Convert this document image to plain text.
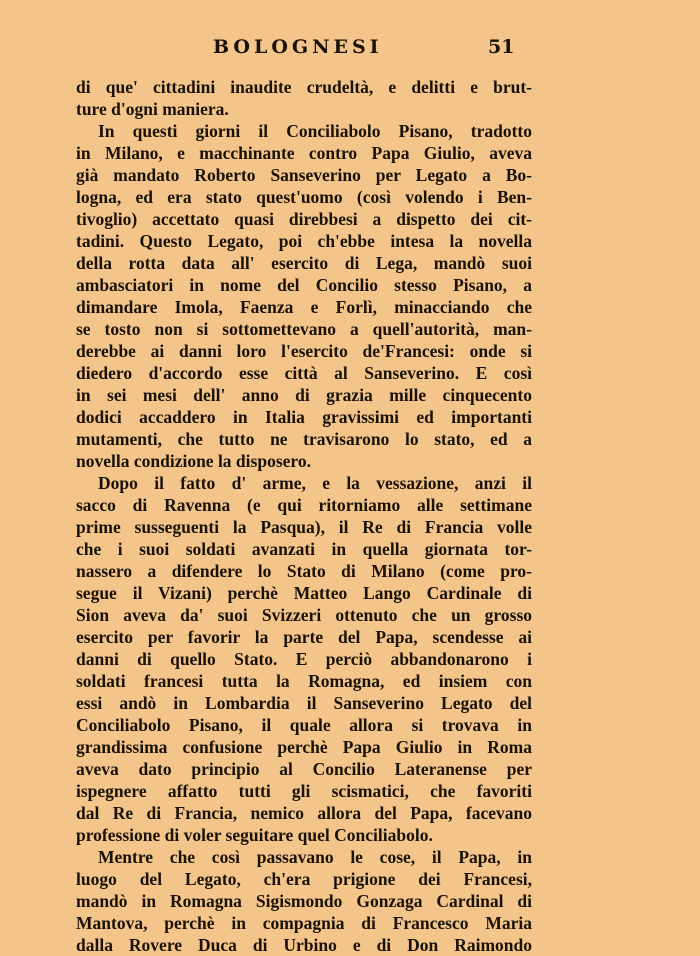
BOLOGNESI	51
di que' cittadini inaudite crudeltà, e delitti e brut-
ture d'ogni maniera.
In questi giorni il Conciliabolo Pisano, tradotto
in Milano, e macchinante contro Papa Giulio, aveva
già mandato Roberto Sanseverino per Legato a Bo-
logna, ed era stato quest'uomo (così volendo i Ben-
tivoglio) accettato quasi direbbesi a dispetto dei cit-
tadini. Questo Legato, poi ch'ebbe intesa la novella
della rotta data all' esercito di Lega, mandò suoi
ambasciatori in nome del Concilio stesso Pisano, a
dimandare Imola, Faenza e Forlì, minacciando che
se tosto non si sottomettevano a quell'autorità, man-
derebbe ai danni loro l'esercito de'Francesi: onde si
diedero d'accordo esse città al Sanseverino. E così
in sei mesi dell' anno di grazia mille cinquecento
dodici accaddero in Italia gravissimi ed importanti
mutamenti, che tutto ne travisarono lo stato, ed a
novella condizione la disposero.
Dopo il fatto d' arme, e la vessazione, anzi il
sacco di Ravenna (e qui ritorniamo alle settimane
prime susseguenti la Pasqua), il Re di Francia volle
che i suoi soldati avanzati in quella giornata tor-
nassero a difendere lo Stato di Milano (come pro-
segue il Vizani) perchè Matteo Lango Cardinale di
Sion aveva da' suoi Svizzeri ottenuto che un grosso
esercito per favorir la parte del Papa, scendesse ai
danni di quello Stato. E perciò abbandonarono i
soldati francesi tutta la Romagna, ed insiem con
essi andò in Lombardia il Sanseverino Legato del
Conciliabolo Pisano, il quale allora si trovava in
grandissima confusione perchè Papa Giulio in Roma
aveva dato principio al Concilio Lateranense per
ispegnere affatto tutti gli scismatici, che favoriti
dal Re di Francia, nemico allora del Papa, facevano
professione di voler seguitare quel Conciliabolo.
Mentre che così passavano le cose, il Papa, in
luogo del Legato, ch'era prigione dei Francesi,
mandò in Romagna Sigismondo Gonzaga Cardinal di
Mantova, perchè in compagnia di Francesco Maria
dalla Rovere Duca di Urbino e di Don Raimondo
